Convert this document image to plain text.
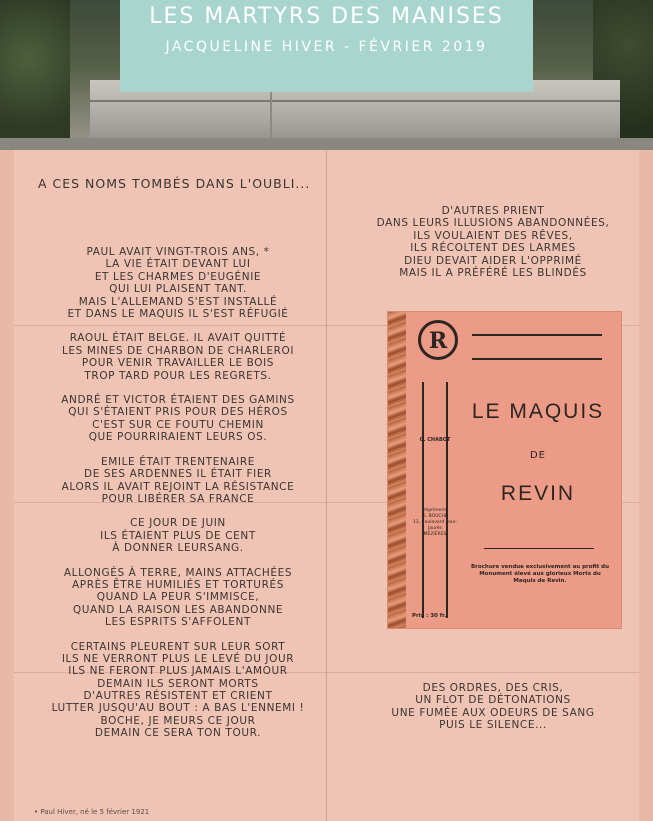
LES MARTYRS DES MANISES
JACQUELINE HIVER - FÉVRIER 2019
A CES NOMS TOMBÉS DANS L'OUBLI...
PAUL AVAIT VINGT-TROIS ANS, *
LA VIE ÉTAIT DEVANT LUI
ET LES CHARMES D'EUGÉNIE
QUI LUI PLAISENT TANT.
MAIS L'ALLEMAND S'EST INSTALLÉ
ET DANS LE MAQUIS IL S'EST RÉFUGIÉ
RAOUL ÉTAIT BELGE. IL AVAIT QUITTÉ
LES MINES DE CHARBON DE CHARLEROI
POUR VENIR TRAVAILLER LE BOIS
TROP TARD POUR LES REGRETS.
ANDRÉ ET VICTOR ÉTAIENT DES GAMINS
QUI S'ÉTAIENT PRIS POUR DES HÉROS
C'EST SUR CE FOUTU CHEMIN
QUE POURRIRAIENT LEURS OS.
EMILE ÉTAIT TRENTENAIRE
DE SES ARDENNES IL ÉTAIT FIER
ALORS IL AVAIT REJOINT LA RÉSISTANCE
POUR LIBÉRER SA FRANCE
CE JOUR DE JUIN
ILS ÉTAIENT PLUS DE CENT
À DONNER LEURSANG.
ALLONGÉS À TERRE, MAINS ATTACHÉES
APRÈS ÊTRE HUMILIÉS ET TORTURÉS
QUAND LA PEUR S'IMMISCE,
QUAND LA RAISON LES ABANDONNE
LES ESPRITS S'AFFOLENT
CERTAINS PLEURENT SUR LEUR SORT
ILS NE VERRONT PLUS LE LEVÉ DU JOUR
ILS NE FERONT PLUS JAMAIS L'AMOUR
DEMAIN ILS SERONT MORTS
D'AUTRES RÉSISTENT ET CRIENT
LUTTER JUSQU'AU BOUT : A BAS L'ENNEMI !
BOCHE, JE MEURS CE JOUR
DEMAIN CE SERA TON TOUR.
D'AUTRES PRIENT
DANS LEURS ILLUSIONS ABANDONNÉES,
ILS VOULAIENT DES RÊVES,
ILS RÉCOLTENT DES LARMES
DIEU DEVAIT AIDER L'OPPRIMÉ
MAIS IL A PRÉFÉRÉ LES BLINDÉS
R
LE MAQUIS
DE
REVIN
G. CHABOT
Imprimerie
G. BOUCHE
13, Boulevard Jean-Jaurès
MÉZIÈRES
Brochure vendue exclusivement au profit du Monument élevé aux glorieux Morts du Maquis de Revin.
Prix : 30 fr.
DES ORDRES, DES CRIS,
UN FLOT DE DÉTONATIONS
UNE FUMÉE AUX ODEURS DE SANG
PUIS LE SILENCE...
• Paul Hiver, né le 5 février 1921
